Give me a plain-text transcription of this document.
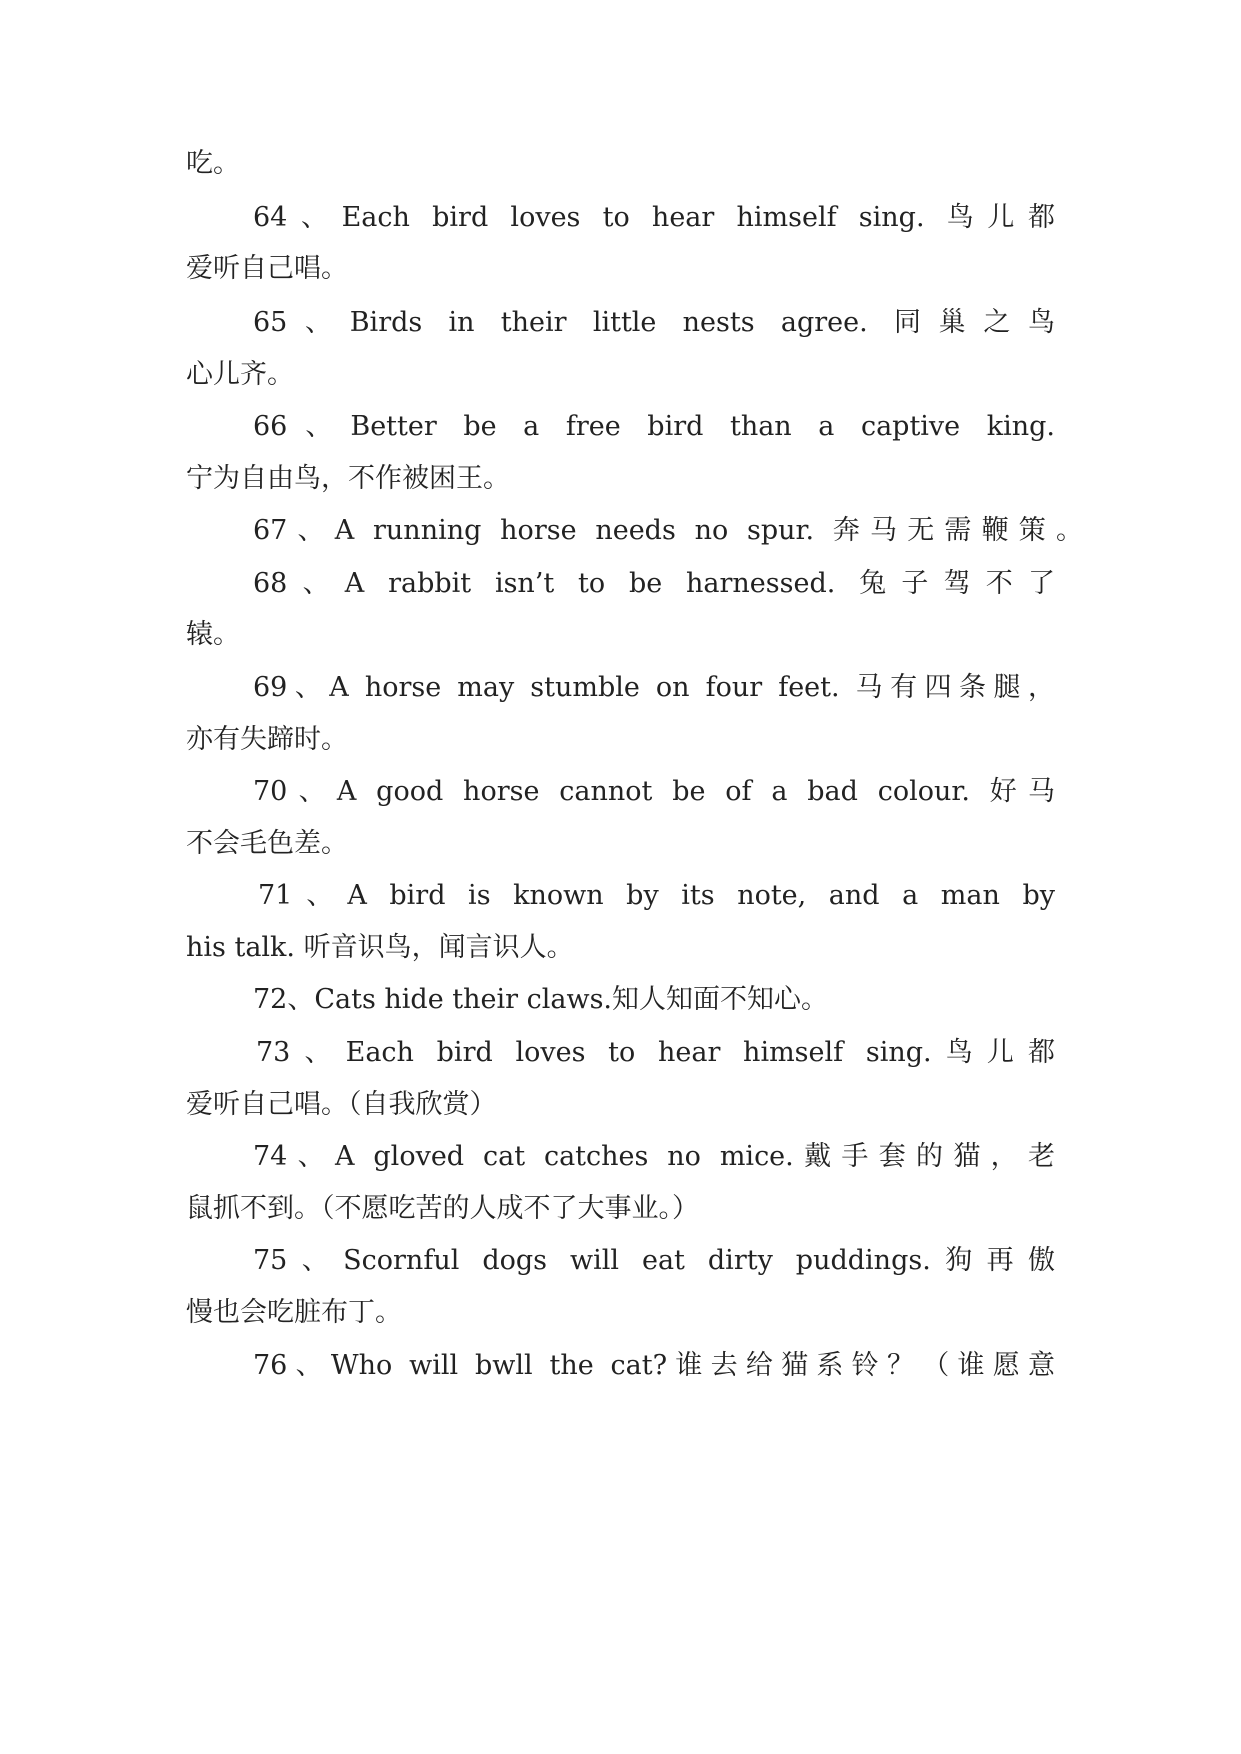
吃。
64、Each bird loves to hear himself sing. 鸟儿都
爱听自己唱。
65、Birds in their little nests agree. 同巢之鸟
心儿齐。
66、Better be a free bird than a captive king.
宁为自由鸟，不作被困王。
67、A running horse needs no spur. 奔马无需鞭策。
68、A rabbit isn’t to be harnessed. 兔子驾不了
辕。
69、A horse may stumble on four feet. 马有四条腿，
亦有失蹄时。
70、A good horse cannot be of a bad colour. 好马
不会毛色差。
71、A bird is known by its note, and a man by
his talk. 听音识鸟，闻言识人。
72、Cats hide their claws.知人知面不知心。
73、Each bird loves to hear himself sing.鸟儿都
爱听自己唱。（自我欣赏）
74、A gloved cat catches no mice.戴手套的猫，老
鼠抓不到。（不愿吃苦的人成不了大事业。）
75、Scornful dogs will eat dirty puddings.狗再傲
慢也会吃脏布丁。
76、Who will bwll the cat?谁去给猫系铃？（谁愿意
